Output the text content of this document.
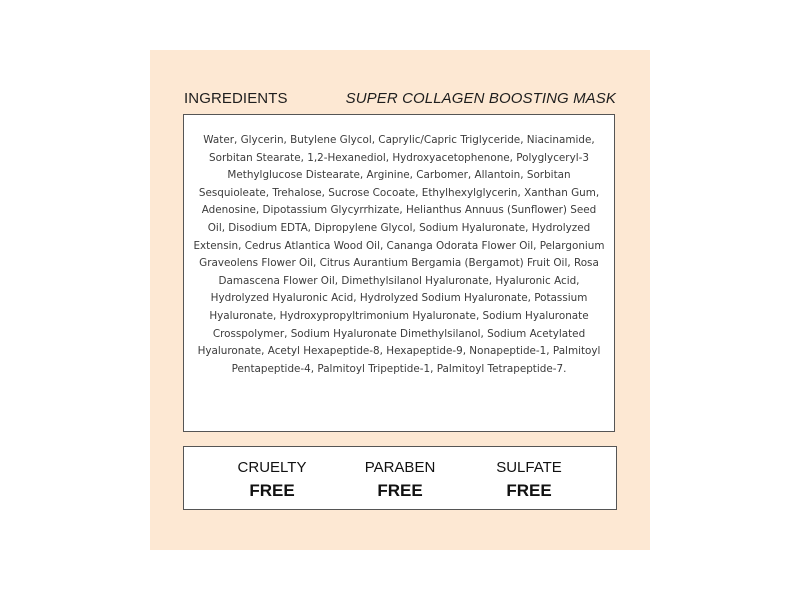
INGREDIENTS	SUPER COLLAGEN BOOSTING MASK

Water, Glycerin, Butylene Glycol, Caprylic/Capric Triglyceride, Niacinamide, Sorbitan Stearate, 1,2-Hexanediol, Hydroxyacetophenone, Polyglyceryl-3 Methylglucose Distearate, Arginine, Carbomer, Allantoin, Sorbitan Sesquioleate, Trehalose, Sucrose Cocoate, Ethylhexylglycerin, Xanthan Gum, Adenosine, Dipotassium Glycyrrhizate, Helianthus Annuus (Sunflower) Seed Oil, Disodium EDTA, Dipropylene Glycol, Sodium Hyaluronate, Hydrolyzed Extensin, Cedrus Atlantica Wood Oil, Cananga Odorata Flower Oil, Pelargonium Graveolens Flower Oil, Citrus Aurantium Bergamia (Bergamot) Fruit Oil, Rosa Damascena Flower Oil, Dimethylsilanol Hyaluronate, Hyaluronic Acid, Hydrolyzed Hyaluronic Acid, Hydrolyzed Sodium Hyaluronate, Potassium Hyaluronate, Hydroxypropyltrimonium Hyaluronate, Sodium Hyaluronate Crosspolymer, Sodium Hyaluronate Dimethylsilanol, Sodium Acetylated Hyaluronate, Acetyl Hexapeptide-8, Hexapeptide-9, Nonapeptide-1, Palmitoyl Pentapeptide-4, Palmitoyl Tripeptide-1, Palmitoyl Tetrapeptide-7.

CRUELTY
FREE
PARABEN
FREE
SULFATE
FREE
